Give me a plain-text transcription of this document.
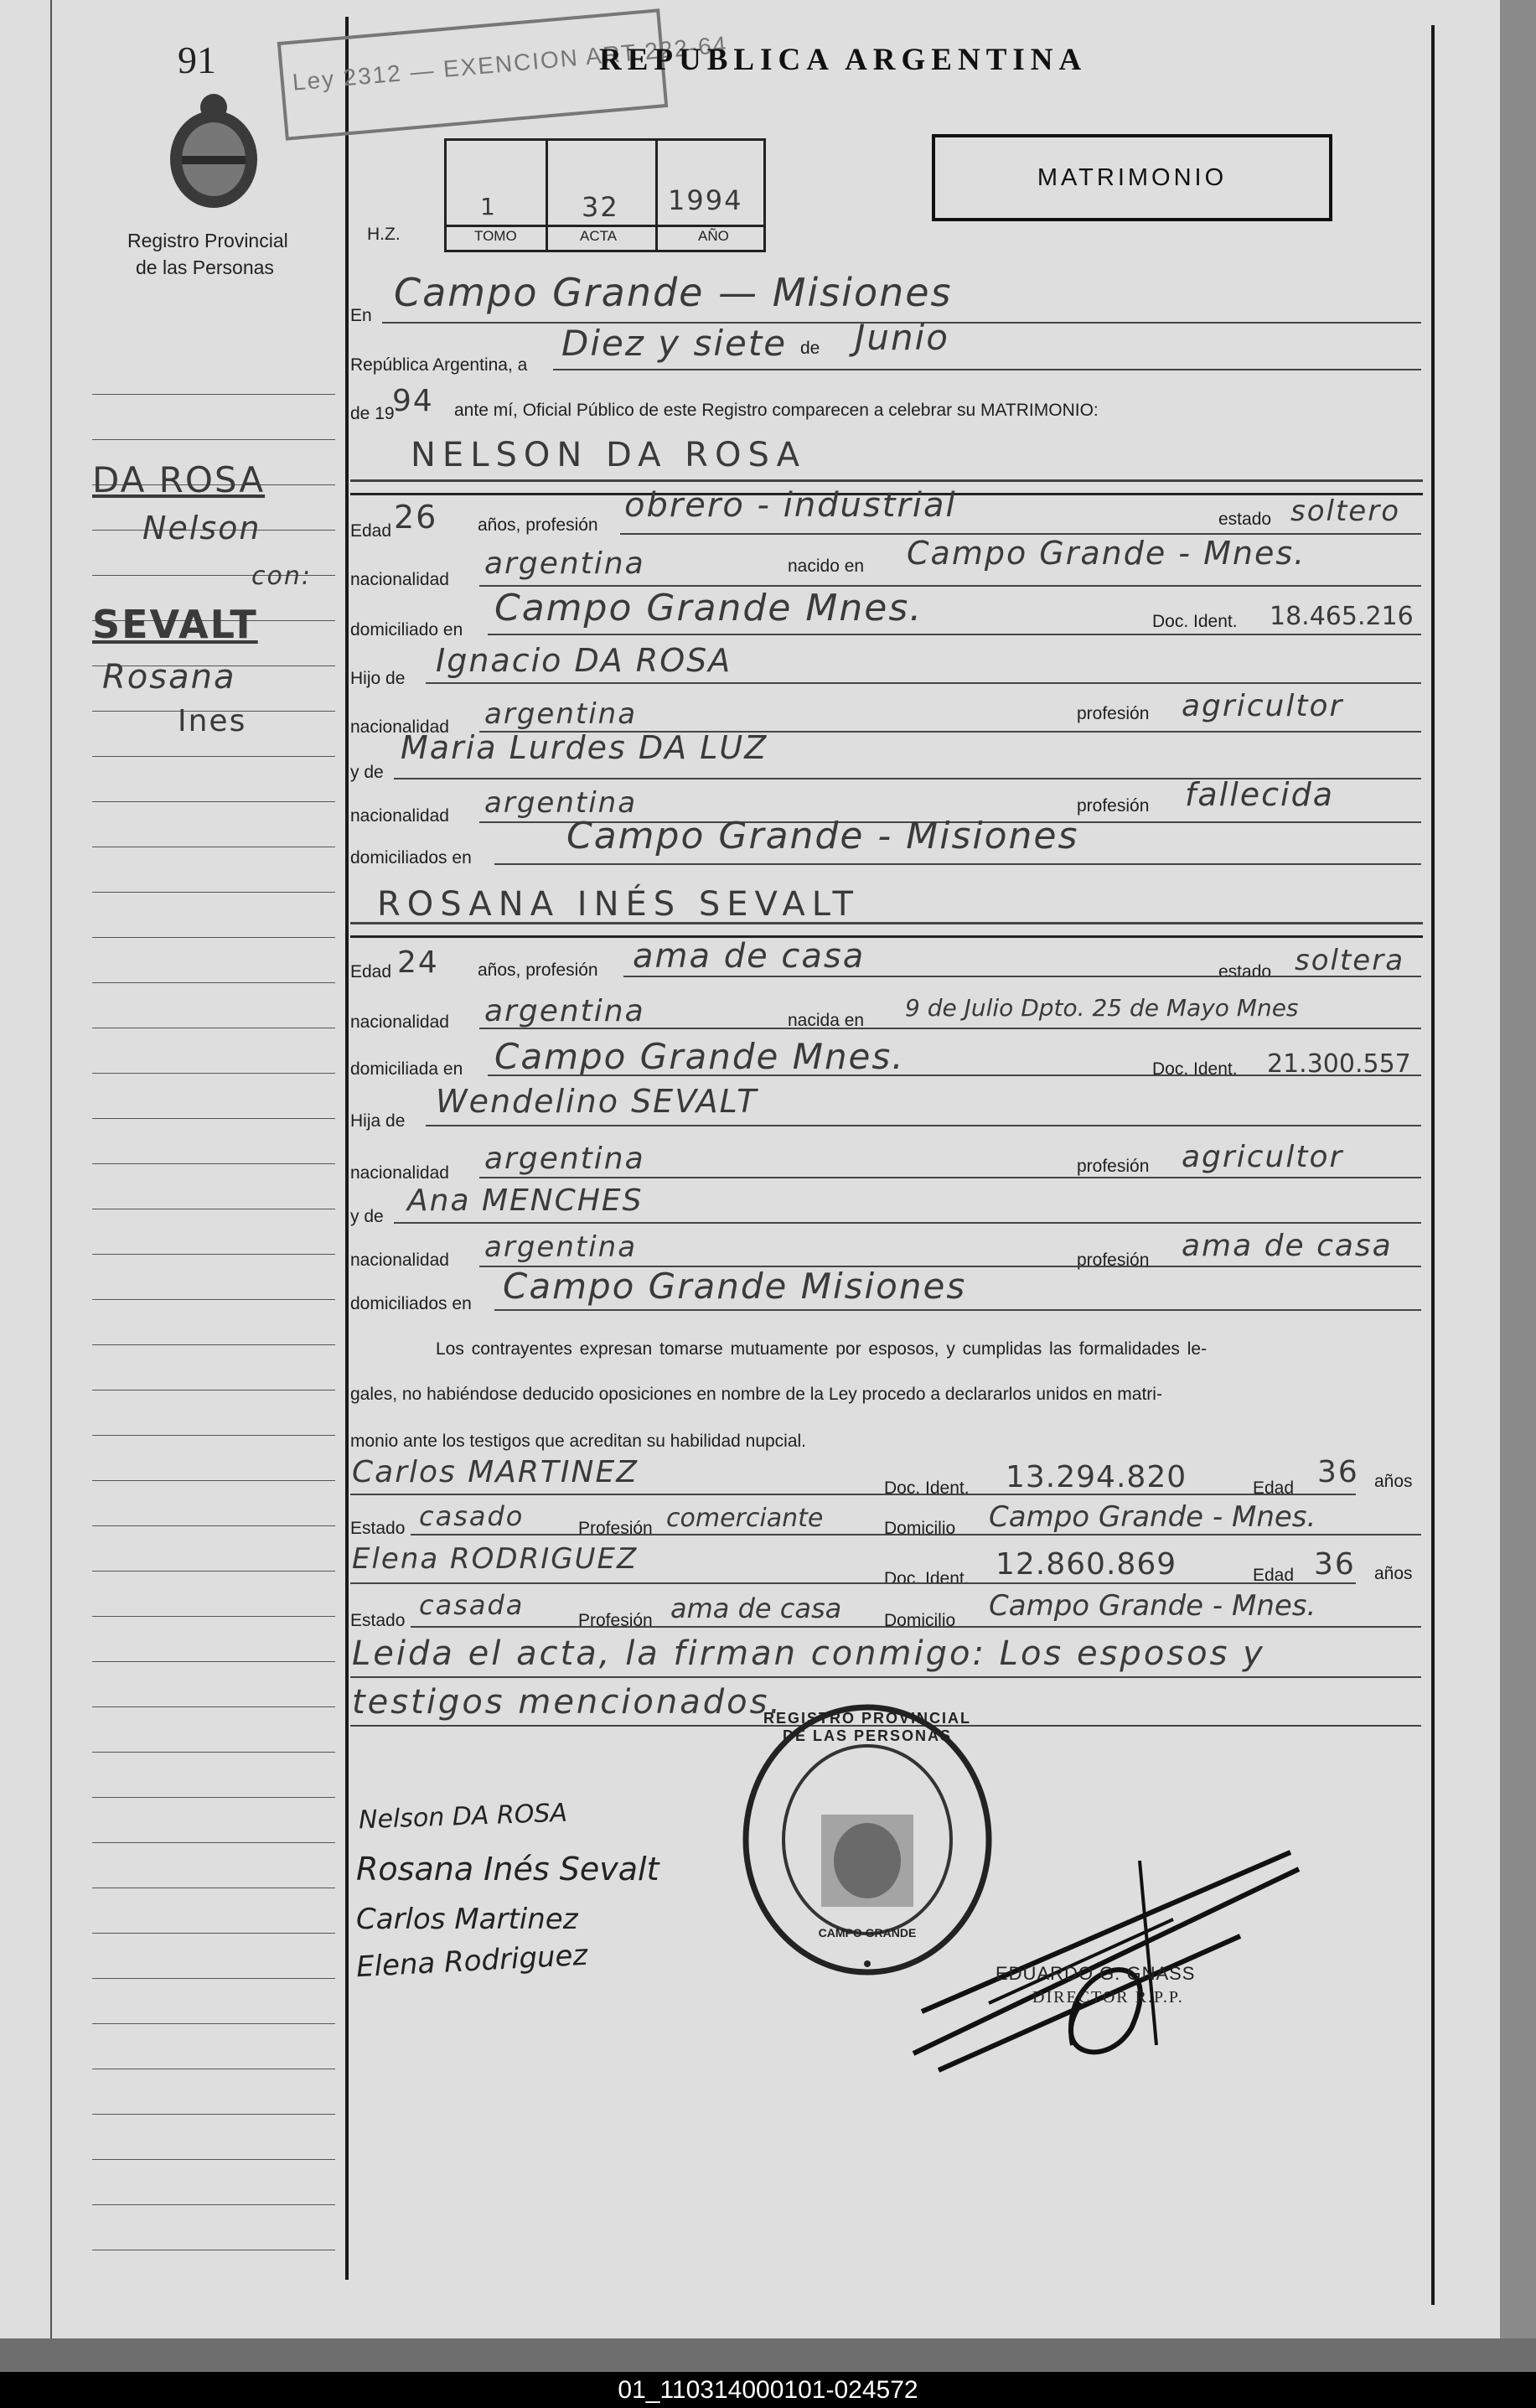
91	Ley 2312 — EXENCION ART 222-64
REPUBLICA ARGENTINA
Registro Provincial
de las Personas
H.Z.
1
TOMO
32
ACTA
1994
AÑO
MATRIMONIO
DA ROSA
Nelson
con:
SEVALT
Rosana
Ines
En
Campo Grande — Misiones
República Argentina, a
Diez y siete de Junio
de 19
94 ante mí, Oficial Público de este Registro comparecen a celebrar su MATRIMONIO:
NELSON DA ROSA
Edad 26 años, profesión
obrero - industrial	estado soltero
nacionalidad argentina	nacido en Campo Grande - Mnes.
domiciliado en
Campo Grande Mnes.	Doc. Ident. 18.465.216
Hijo de Ignacio DA ROSA
nacionalidad argentina	profesión agricultor
y de
Maria Lurdes DA LUZ
nacionalidad argentina	profesión fallecida
domiciliados en
Campo Grande - Misiones
ROSANA INÉS SEVALT
Edad 24 años, profesión ama de casa	estado soltera
nacionalidad argentina	nacida en 9 de Julio Dpto. 25 de Mayo Mnes
domiciliada en Campo Grande Mnes.	Doc. Ident. 21.300.557
Hija de
Wendelino SEVALT
nacionalidad argentina	profesión agricultor
y de Ana MENCHES
nacionalidad argentina	profesión ama de casa
domiciliados en Campo Grande Misiones
Los contrayentes expresan tomarse mutuamente por esposos, y cumplidas las formalidades le-
gales, no habiéndose deducido oposiciones en nombre de la Ley procedo a declararlos unidos en matri-
monio ante los testigos que acreditan su habilidad nupcial.
Carlos MARTINEZ	Doc. Ident. 13.294.820	Edad 36 años
Estado casado	Profesión comerciante	Domicilio Campo Grande - Mnes.
Elena RODRIGUEZ
Doc. Ident. 12.860.869	Edad 36 años
Estado casada	Profesión ama de casa Domicilio Campo Grande - Mnes.
Leida el acta, la firman conmigo: Los esposos y
testigos mencionados.
Nelson DA ROSA
Rosana Inés Sevalt
Carlos Martinez
Elena Rodriguez
REGISTRO PROVINCIAL DE LAS PERSONAS
CAMPO GRANDE
EDUARDO G. GNASS
DIRECTOR R.P.P.
01_110314000101-024572
